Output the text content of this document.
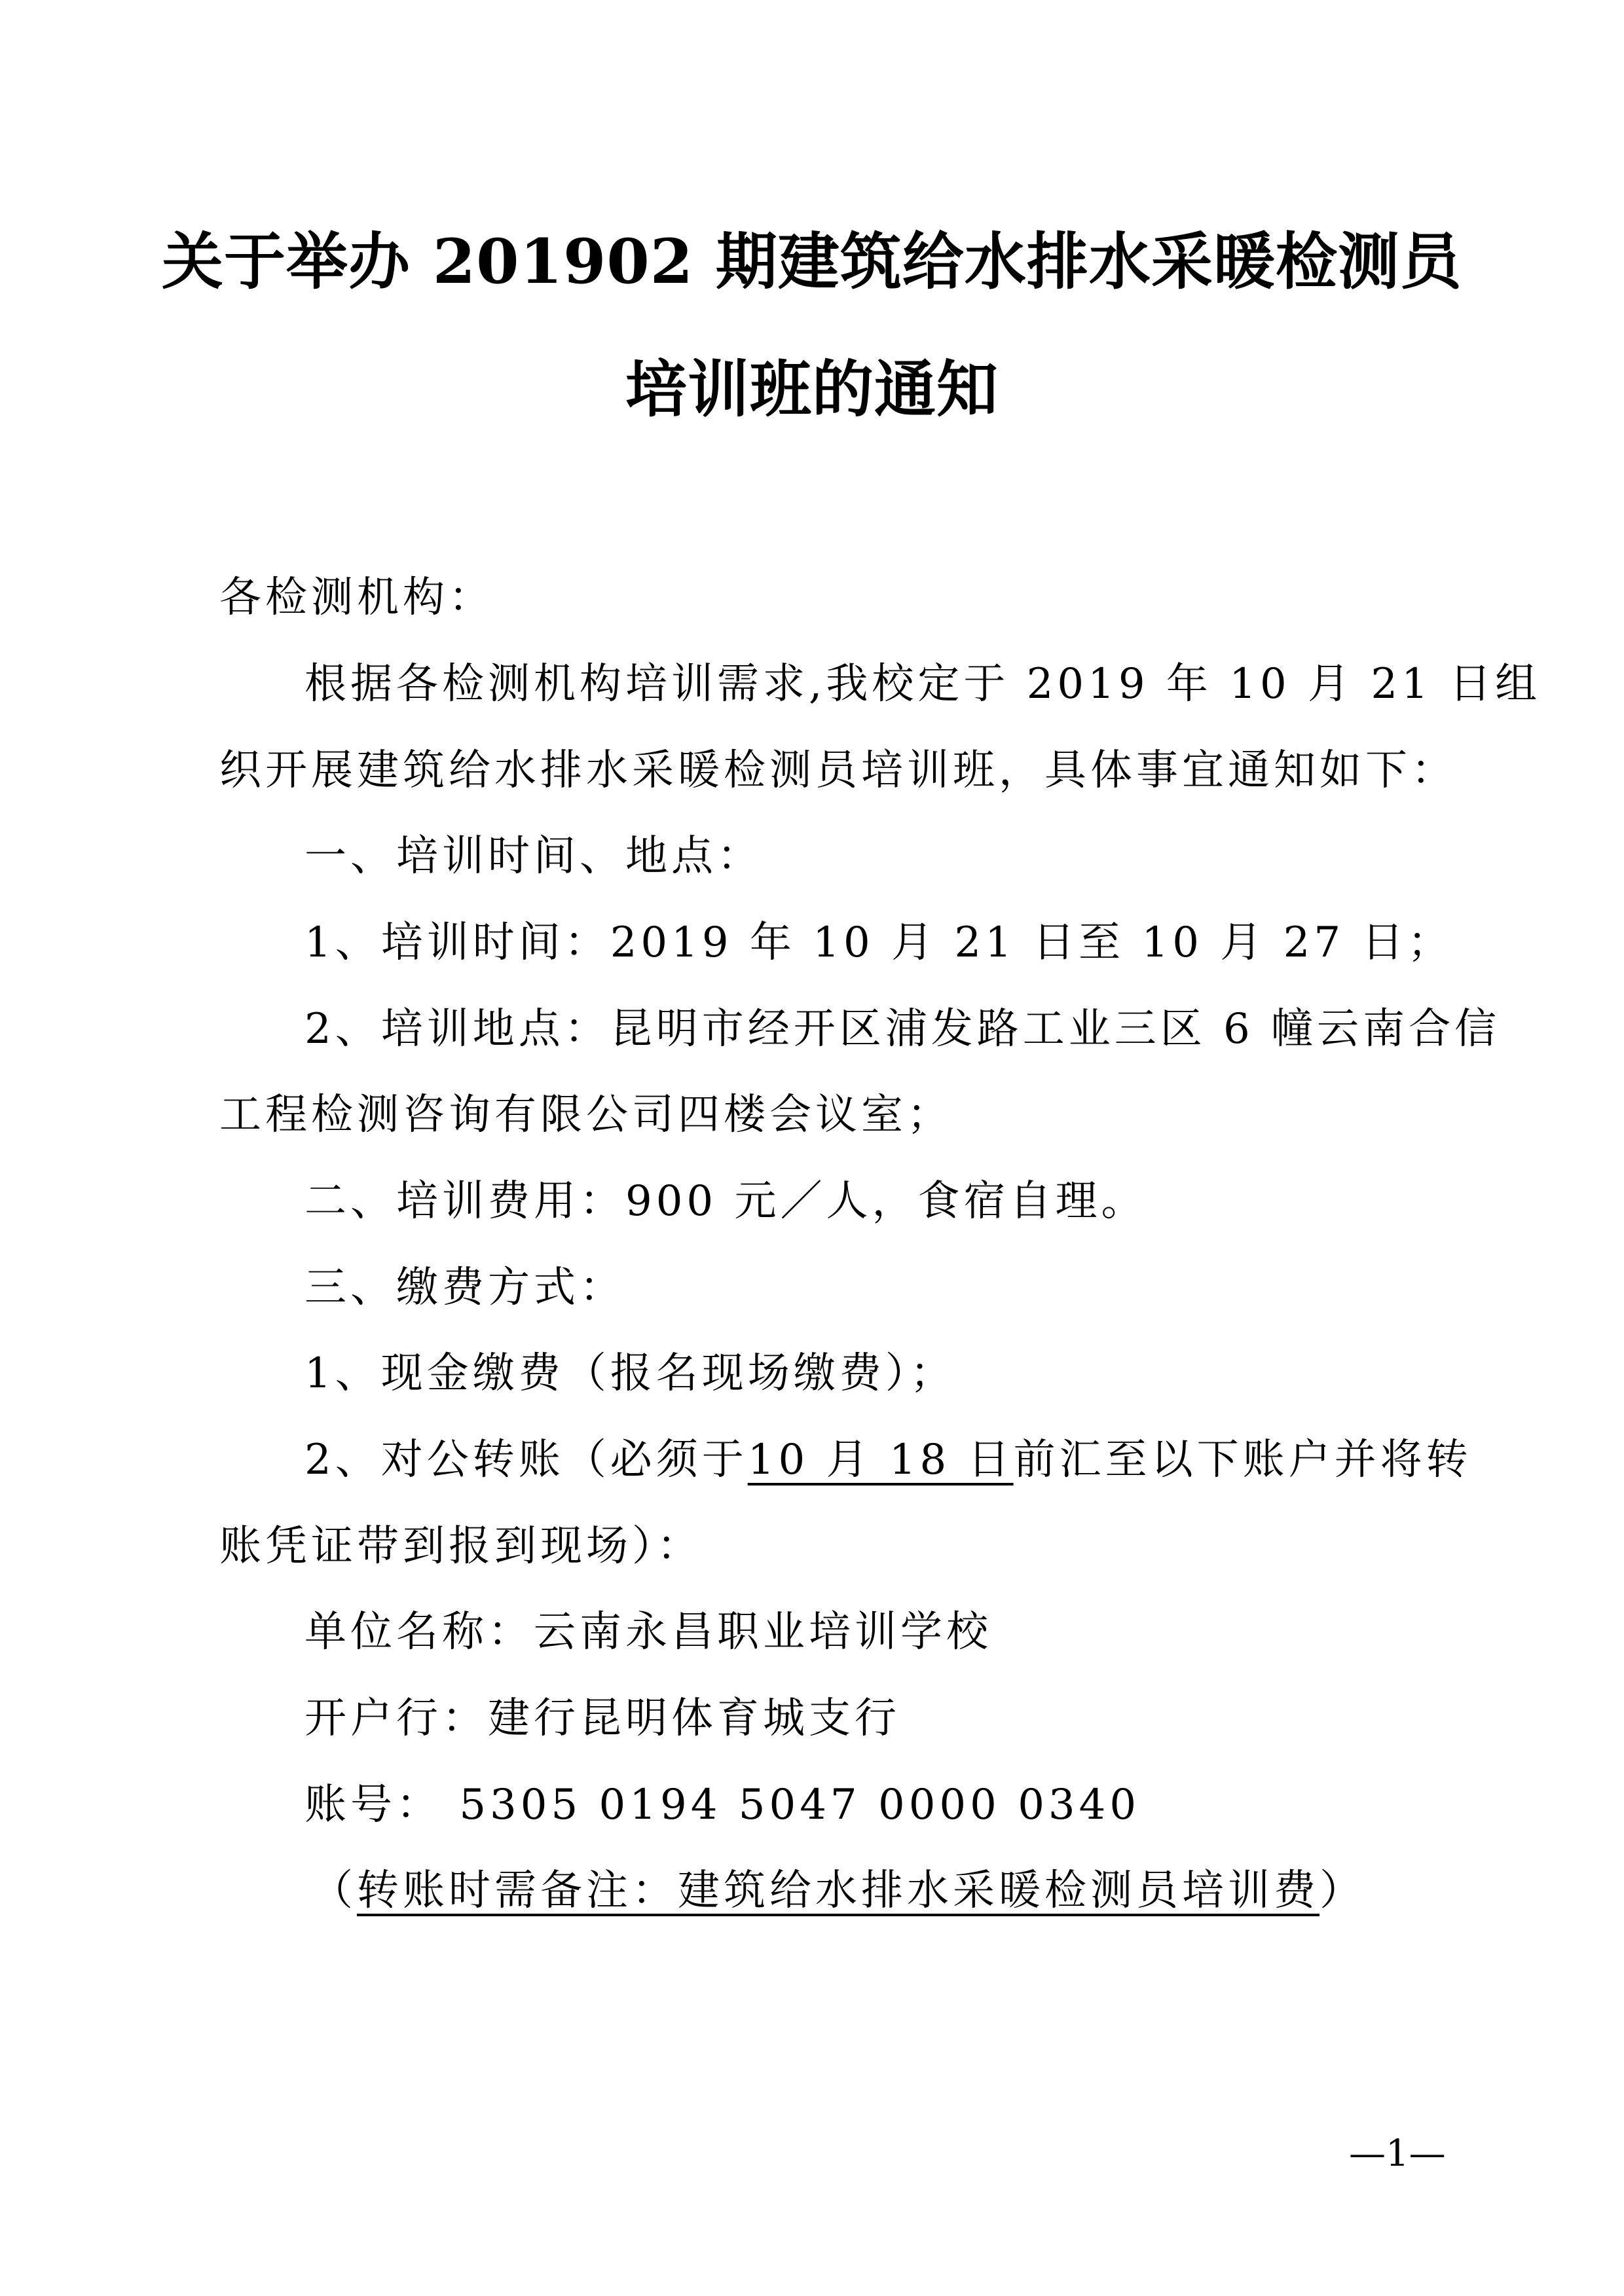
关于举办 201902 期建筑给水排水采暖检测员
培训班的通知
各检测机构：
根据各检测机构培训需求,我校定于 2019 年 10 月 21 日组
织开展建筑给水排水采暖检测员培训班，具体事宜通知如下：
一、培训时间、地点：
1、培训时间：2019 年 10 月 21 日至 10 月 27 日；
2、培训地点：昆明市经开区浦发路工业三区 6 幢云南合信
工程检测咨询有限公司四楼会议室；
二、培训费用：900 元／人，食宿自理。
三、缴费方式：
1、现金缴费（报名现场缴费）；
2、对公转账（必须于10 月 18 日前汇至以下账户并将转
账凭证带到报到现场）：
单位名称：云南永昌职业培训学校
开户行：建行昆明体育城支行
账号： 5305 0194 5047 0000 0340
（转账时需备注：建筑给水排水采暖检测员培训费）
—1—
